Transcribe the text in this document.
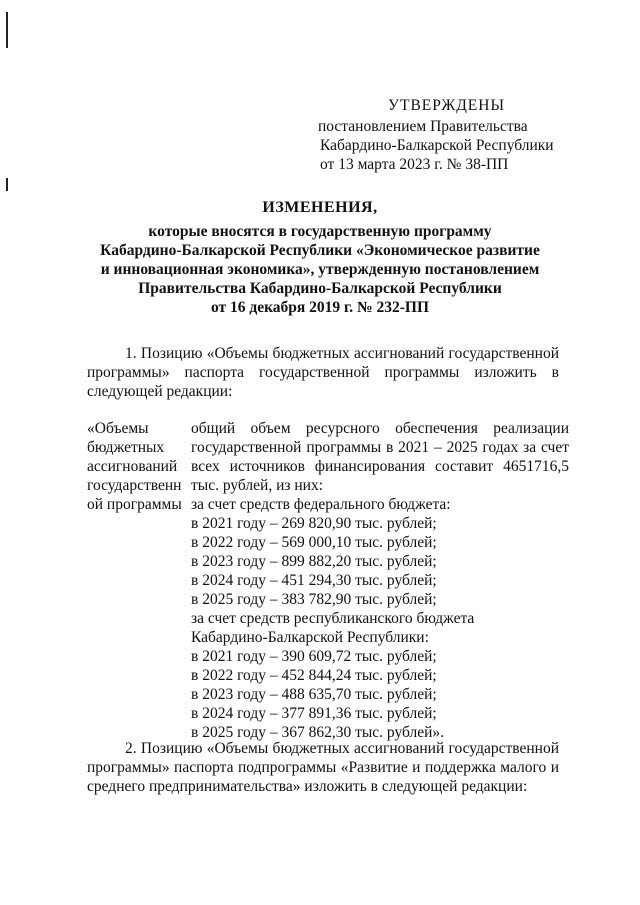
УТВЕРЖДЕНЫ
постановлением Правительства
Кабардино-Балкарской Республики
от 13 марта 2023 г. № 38-ПП
ИЗМЕНЕНИЯ,
которые вносятся в государственную программу
Кабардино-Балкарской Республики «Экономическое развитие
и инновационная экономика», утвержденную постановлением
Правительства Кабардино-Балкарской Республики
от 16 декабря 2019 г. № 232-ПП

1. Позицию «Объемы бюджетных ассигнований государственной программы» паспорта государственной программы изложить в следующей редакции:

«Объемы
бюджетных
ассигнований
государственн
ой программы

общий объем ресурсного обеспечения реализации государственной программы в 2021 – 2025 годах за счет всех источников финансирования составит 4651716,5 тыс. рублей, из них:

за счет средств федерального бюджета:
в 2021 году – 269 820,90 тыс. рублей;
в 2022 году – 569 000,10 тыс. рублей;
в 2023 году – 899 882,20 тыс. рублей;
в 2024 году – 451 294,30 тыс. рублей;
в 2025 году – 383 782,90 тыс. рублей;
за счет средств республиканского бюджета
Кабардино-Балкарской Республики:
в 2021 году – 390 609,72 тыс. рублей;
в 2022 году – 452 844,24 тыс. рублей;
в 2023 году – 488 635,70 тыс. рублей;
в 2024 году – 377 891,36 тыс. рублей;
в 2025 году – 367 862,30 тыс. рублей».

2. Позицию «Объемы бюджетных ассигнований государственной программы» паспорта подпрограммы «Развитие и поддержка малого и среднего предпринимательства» изложить в следующей редакции:
